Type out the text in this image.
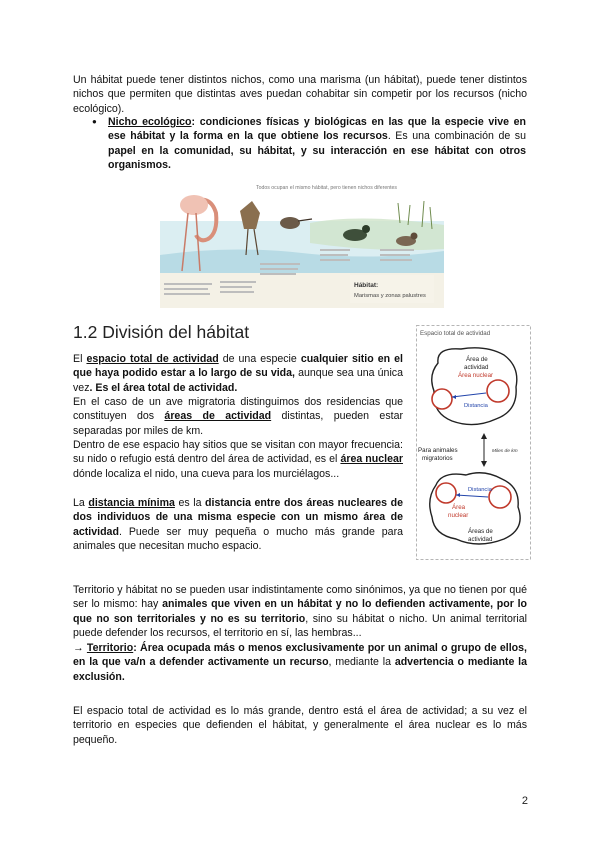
Un hábitat puede tener distintos nichos, como una marisma (un hábitat), puede tener distintos nichos que permiten que distintas aves puedan cohabitar sin competir por los recursos (nicho ecológico).

● Nicho ecológico: condiciones físicas y biológicas en las que la especie vive en ese hábitat y la forma en la que obtiene los recursos. Es una combinación de su papel en la comunidad, su hábitat, y su interacción en ese hábitat con otros organismos.
Todos ocupan el mismo hábitat, pero tienen nichos diferentes
Hábitat:
Marismas y zonas palustres
1.2 División del hábitat

El espacio total de actividad de una especie cualquier sitio en el que haya podido estar a lo largo de su vida, aunque sea una única vez. Es el área total de actividad.

En el caso de un ave migratoria distinguimos dos residencias que constituyen dos áreas de actividad distintas, pueden estar separadas por miles de km.

Dentro de ese espacio hay sitios que se visitan con mayor frecuencia: su nido o refugio está dentro del área de actividad, es el área nuclear dónde localiza el nido, una cueva para los murciélagos...

La distancia mínima es la distancia entre dos áreas nucleares de dos individuos de una misma especie con un mismo área de actividad. Puede ser muy pequeña o mucho más grande para animales que necesitan mucho espacio.

Espacio total de actividad
Área de
actividad
Área nuclear
Distancia
Para animales
migratorios
Miles de km
Distancia
Área
nuclear
Áreas de
actividad

Territorio y hábitat no se pueden usar indistintamente como sinónimos, ya que no tienen por qué ser lo mismo: hay animales que viven en un hábitat y no lo defienden activamente, por lo que no son territoriales y no es su territorio, sino su hábitat o nicho. Un animal territorial puede defender los recursos, el territorio en sí, las hembras...

→ Territorio: Área ocupada más o menos exclusivamente por un animal o grupo de ellos, en la que va/n a defender activamente un recurso, mediante la advertencia o mediante la exclusión.

El espacio total de actividad es lo más grande, dentro está el área de actividad; a su vez el territorio en especies que defienden el hábitat, y generalmente el área nuclear es lo más pequeño.

2
